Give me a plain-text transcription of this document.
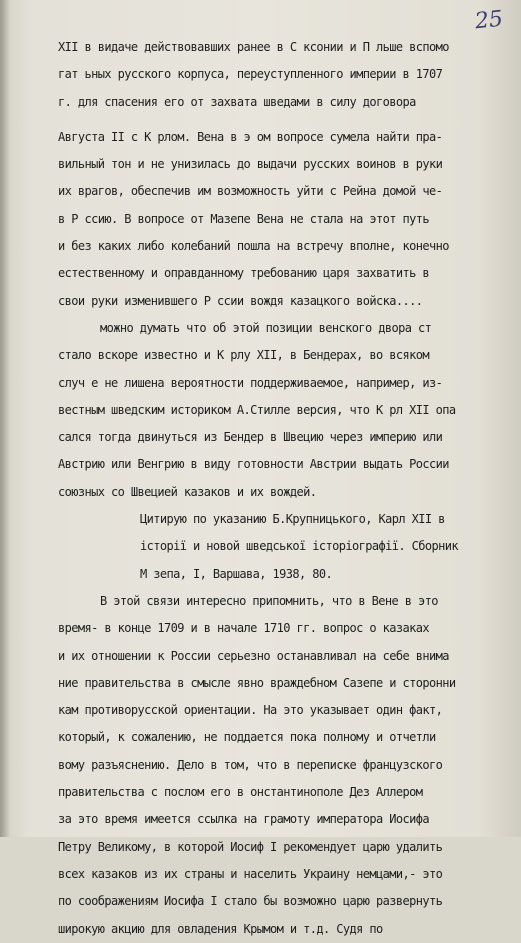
25
XII в видаче действовавших ранее в С ксонии и П льше вспомо
гат ьных русского корпуса, переуступленного империи в 1707
г. для спасения его от захвата шведами в силу договора
Августа II с К рлом. Вена в э ом вопросе сумела найти пра-
вильный тон и не унизилась до выдачи русских воинов в руки
их врагов, обеспечив им возможность уйти с Рейна домой че-
в Р ссию. В вопросе от Мазепе Вена не стала на этот путь
и без каких либо колебаний пошла на встречу вполне, конечно
естественному и оправданному требованию царя захватить в
свои руки изменившего Р ссии вождя казацкого войска....
можно думать что об этой позиции венского двора ст
стало вскоре известно и К рлу XII, в Бендерах, во всяком
случ е не лишена вероятности поддерживаемое, например, из-
вестным шведским историком А.Стилле версия, что К рл XII опа
сался тогда двинуться из Бендер в Швецию через империю или
Австрию или Венгрию в виду готовности Австрии выдать России
союзных со Швецией казаков и их вождей.
Цитирую по указанию Б.Крупницького, Карл XII в
історії и новой шведської історіографії. Сборник
М зепа, I, Варшава, 1938, 80.
В этой связи интересно припомнить, что в Вене в это
время- в конце 1709 и в начале 1710 гг. вопрос о казаках
и их отношении к России серьезно останавливал на себе внима
ние правительства в смысле явно враждебном Сазепе и сторонни
кам противорусской ориентации. На это указывает один факт,
который, к сожалению, не поддается пока полному и отчетли
вому разъяснению. Дело в том, что в переписке французского
правительства с послом его в онстантинополе Дез Аллером
за это время имеется ссылка на грамоту императора Иосифа
Петру Великому, в которой Иосиф I рекомендует царю удалить
всех казаков из их страны и населить Украину немцами,- это
по соображениям Иосифа I стало бы возможно царю развернуть
широкую акцию для овладения Крымом и т.д. Судя по
